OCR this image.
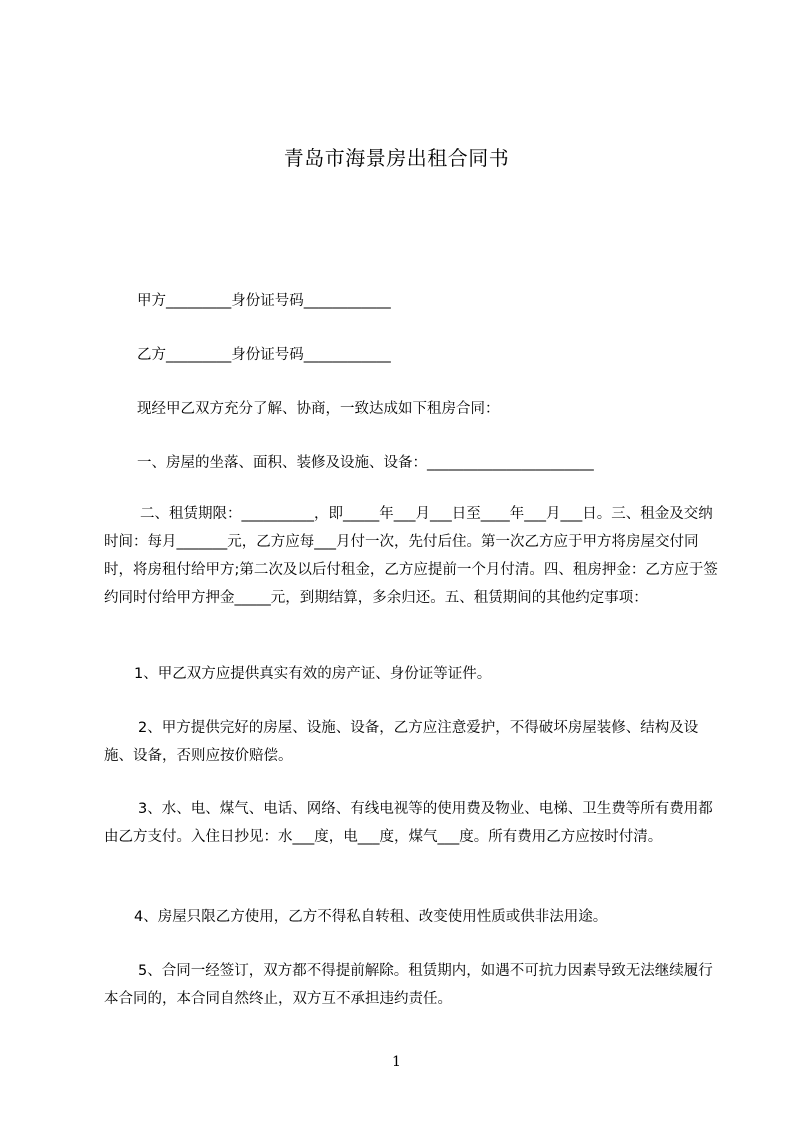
青岛市海景房出租合同书

甲方_________身份证号码____________

乙方_________身份证号码____________

现经甲乙双方充分了解、协商，一致达成如下租房合同：

一、房屋的坐落、面积、装修及设施、设备：_______________________

二、租赁期限：__________，即_____年___月___日至____年___月___日。三、租金及交纳时间：每月_______元，乙方应每___月付一次，先付后住。第一次乙方应于甲方将房屋交付同时，将房租付给甲方;第二次及以后付租金，乙方应提前一个月付清。四、租房押金：乙方应于签约同时付给甲方押金_____元，到期结算，多余归还。五、租赁期间的其他约定事项：

1、甲乙双方应提供真实有效的房产证、身份证等证件。

2、甲方提供完好的房屋、设施、设备，乙方应注意爱护，不得破坏房屋装修、结构及设施、设备，否则应按价赔偿。

3、水、电、煤气、电话、网络、有线电视等的使用费及物业、电梯、卫生费等所有费用都由乙方支付。入住日抄见：水___度，电___度，煤气___度。所有费用乙方应按时付清。

4、房屋只限乙方使用，乙方不得私自转租、改变使用性质或供非法用途。

5、合同一经签订，双方都不得提前解除。租赁期内，如遇不可抗力因素导致无法继续履行本合同的，本合同自然终止，双方互不承担违约责任。

1
